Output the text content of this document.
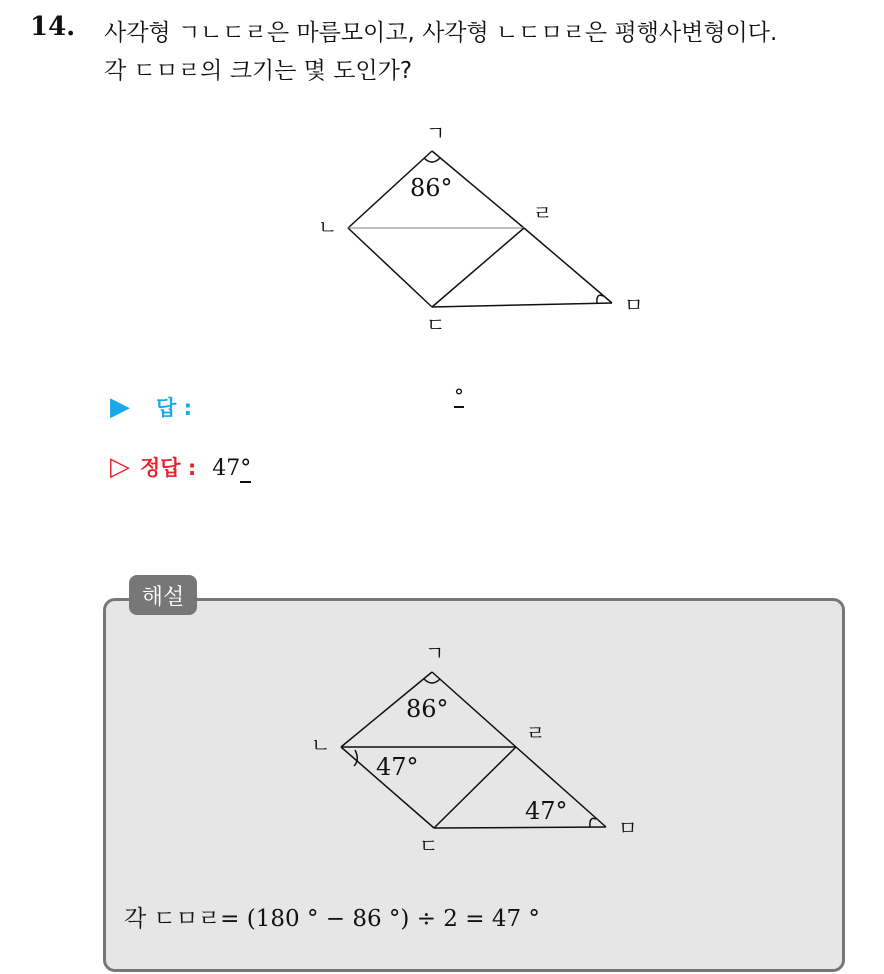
14. 사각형 ㄱㄴㄷㄹ은 마름모이고, 사각형 ㄴㄷㅁㄹ은 평행사변형이다.
각 ㄷㅁㄹ의 크기는 몇 도인가?
ㄱ
ㄴ
ㄷ
ㄹ
ㅁ
86°
▶ 답 :	°
▷ 정답 : 47°
해설
ㄱ
ㄴ
ㄷ
ㄹ
ㅁ
86°
47°
47°
각 ㄷㅁㄹ= (180 ° − 86 °) ÷ 2 = 47 °
